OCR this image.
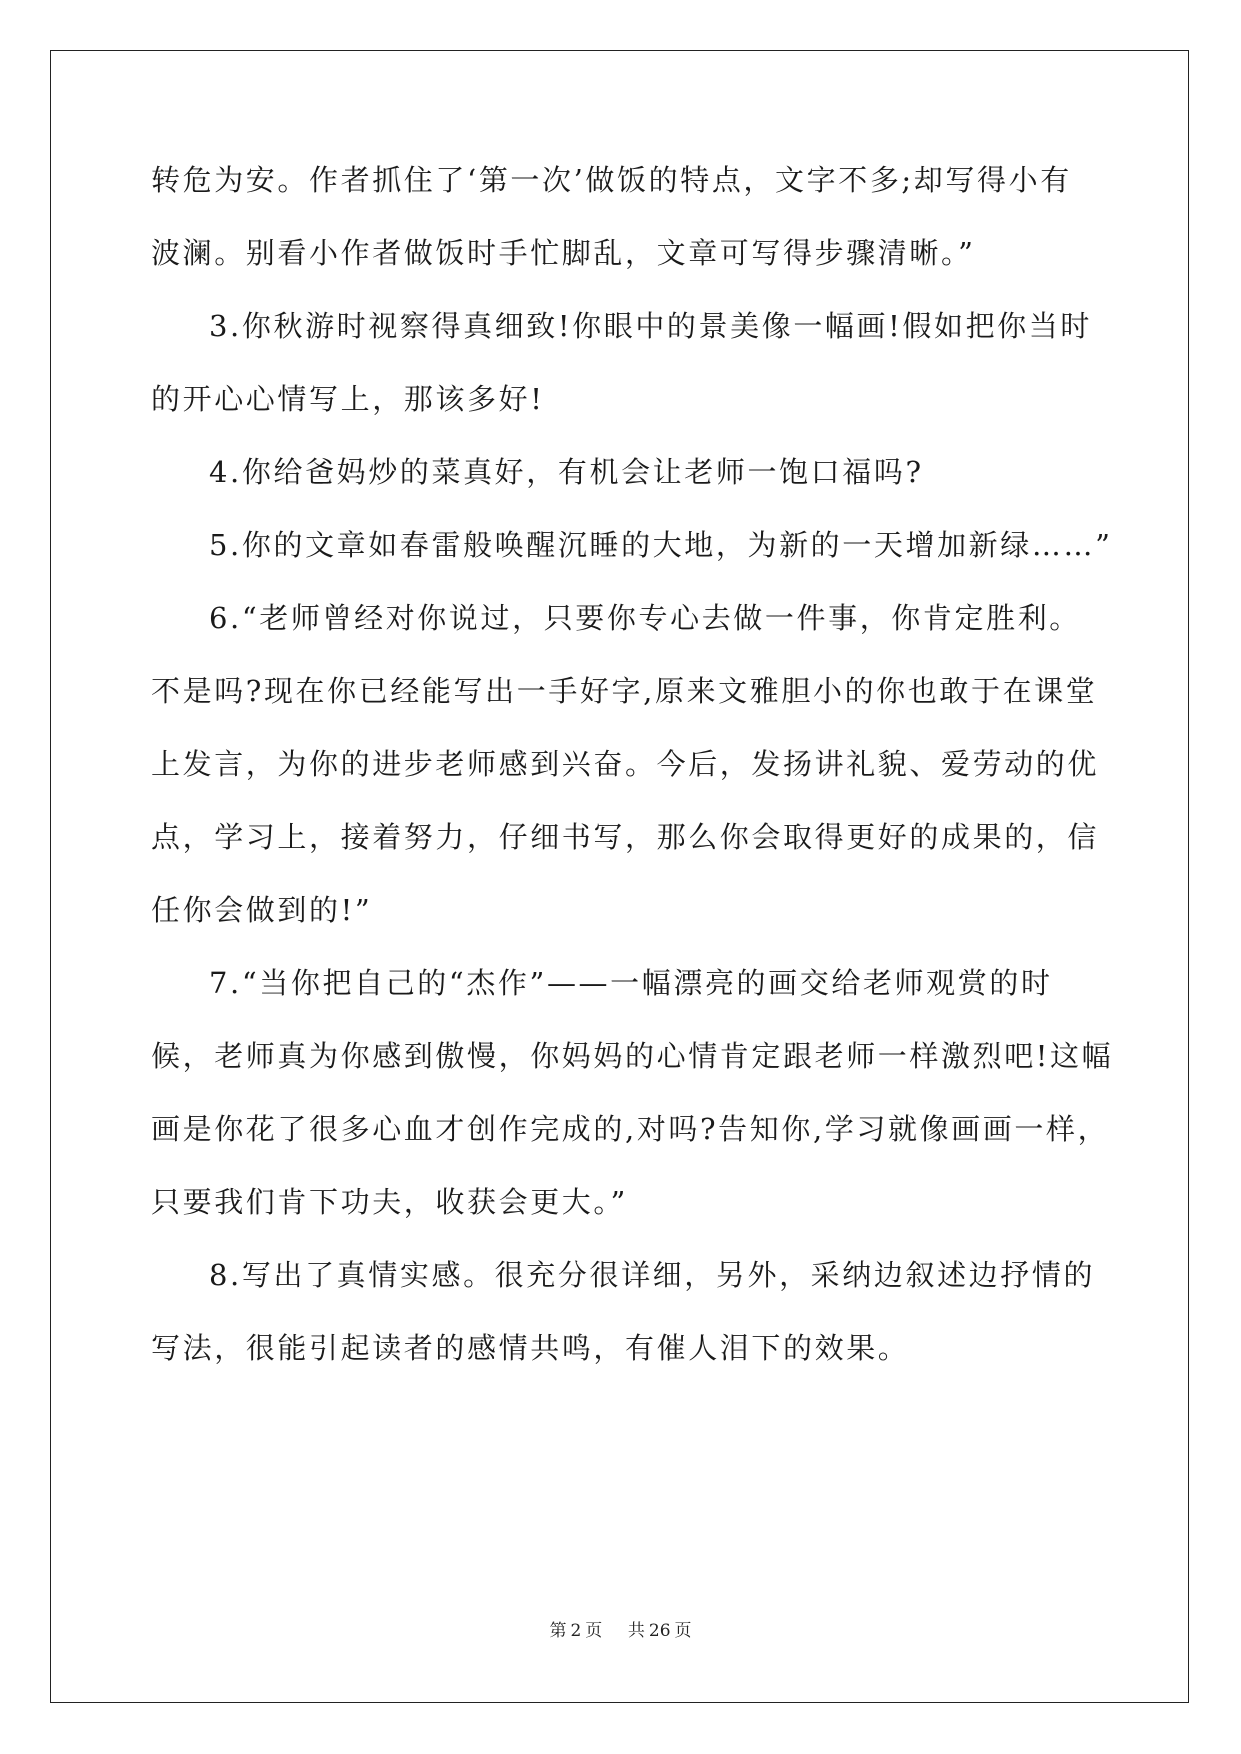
转危为安。作者抓住了‘第一次’做饭的特点，文字不多;却写得小有
波澜。别看小作者做饭时手忙脚乱，文章可写得步骤清晰。”
3.你秋游时视察得真细致!你眼中的景美像一幅画!假如把你当时
的开心心情写上，那该多好!
4.你给爸妈炒的菜真好，有机会让老师一饱口福吗?
5.你的文章如春雷般唤醒沉睡的大地，为新的一天增加新绿……”
6.“老师曾经对你说过，只要你专心去做一件事，你肯定胜利。
不是吗?现在你已经能写出一手好字,原来文雅胆小的你也敢于在课堂
上发言，为你的进步老师感到兴奋。今后，发扬讲礼貌、爱劳动的优
点，学习上，接着努力，仔细书写，那么你会取得更好的成果的，信
任你会做到的!”
7.“当你把自己的“杰作”——一幅漂亮的画交给老师观赏的时
候，老师真为你感到傲慢，你妈妈的心情肯定跟老师一样激烈吧!这幅
画是你花了很多心血才创作完成的,对吗?告知你,学习就像画画一样，
只要我们肯下功夫，收获会更大。”
8.写出了真情实感。很充分很详细，另外，采纳边叙述边抒情的
写法，很能引起读者的感情共鸣，有催人泪下的效果。
第 2 页 共 26 页
